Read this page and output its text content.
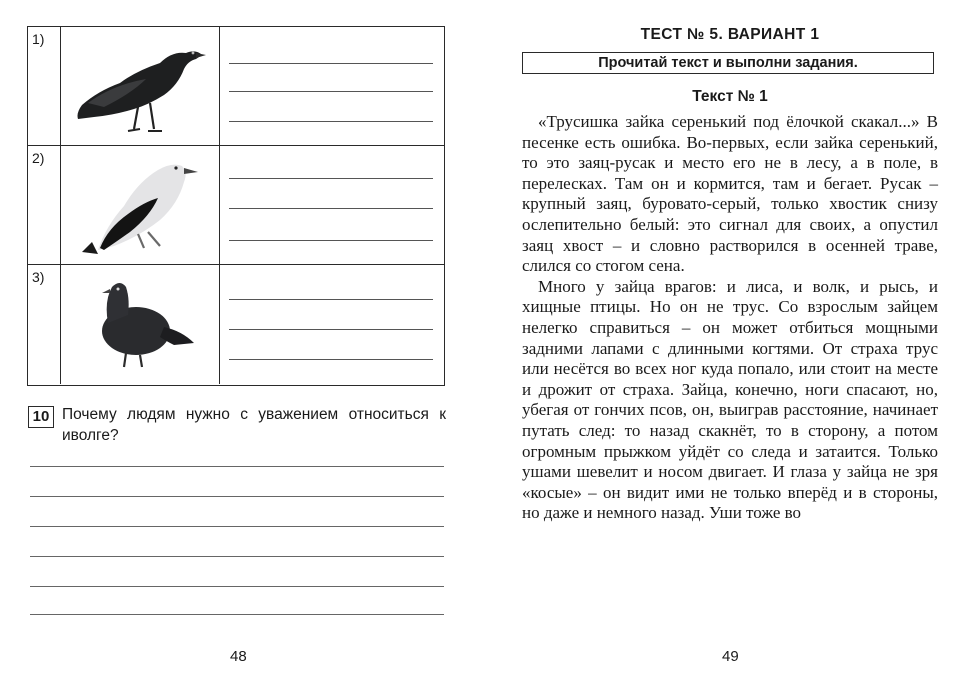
1)
2)
3)
10 Почему людям нужно с уважением относиться к иволге?
48
ТЕСТ № 5. ВАРИАНТ 1
Прочитай текст и выполни задания.
Текст № 1

«Трусишка зайка серенький под ёлочкой скакал...» В песенке есть ошибка. Во-первых, если зайка серенький, то это заяц-русак и место его не в лесу, а в поле, в перелесках. Там он и кормится, там и бегает. Русак – крупный заяц, буровато-серый, только хвостик снизу ослепительно белый: это сигнал для своих, а опустил заяц хвост – и словно растворился в осенней траве, слился со стогом сена.

Много у зайца врагов: и лиса, и волк, и рысь, и хищные птицы. Но он не трус. Со взрослым зайцем нелегко справиться – он может отбиться мощными задними лапами с длинными когтями. От страха трус или несётся во всех ног куда попало, или стоит на месте и дрожит от страха. Зайца, конечно, ноги спасают, но, убегая от гончих псов, он, выиграв расстояние, начинает путать след: то назад скакнёт, то в сторону, а потом огромным прыжком уйдёт со следа и затаится. Только ушами шевелит и носом двигает. И глаза у зайца не зря «косые» – он видит ими не только вперёд и в стороны, но даже и немного назад. Уши тоже во

49
